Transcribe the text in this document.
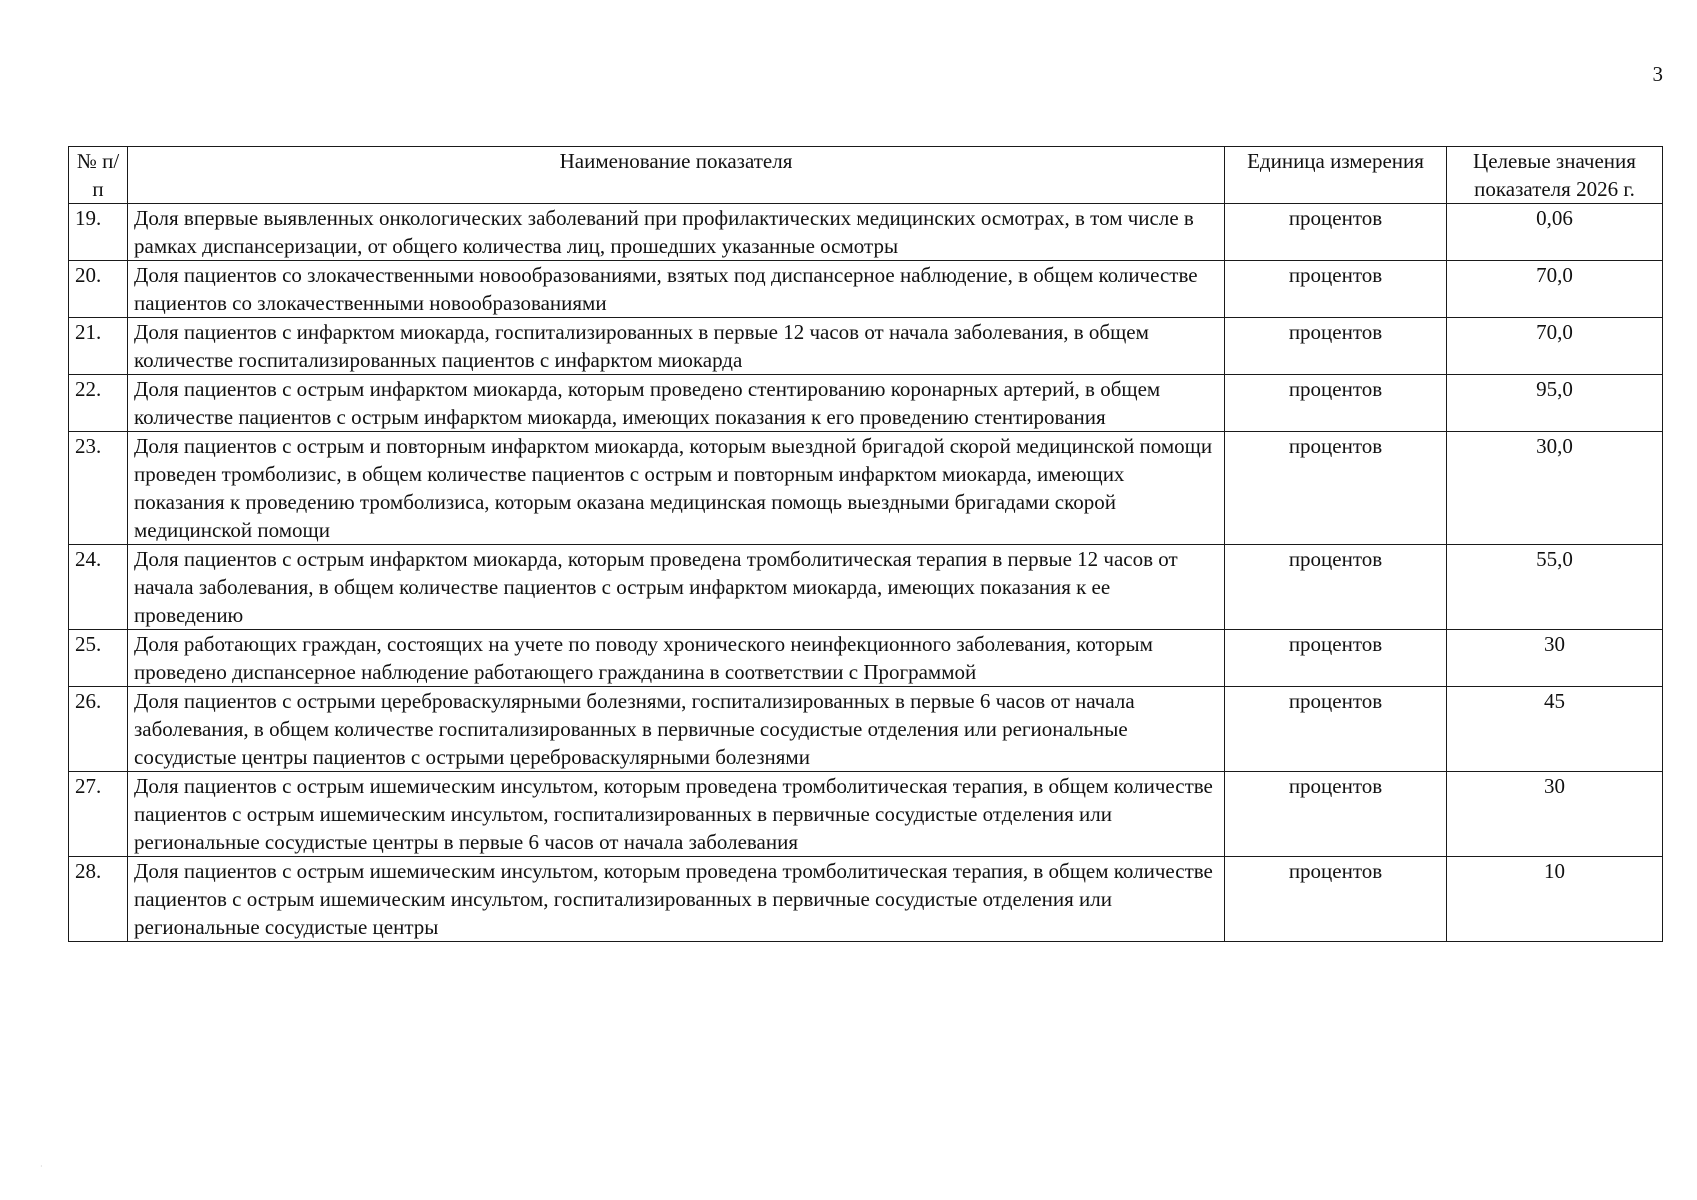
3
№ п/п	Наименование показателя	Единица измерения	Целевые значения показателя 2026 г.
19.	Доля впервые выявленных онкологических заболеваний при профилактических медицинских осмотрах, в том числе в рамках диспансеризации, от общего количества лиц, прошедших указанные осмотры	процентов	0,06
20.	Доля пациентов со злокачественными новообразованиями, взятых под диспансерное наблюдение, в общем количестве пациентов со злокачественными новообразованиями	процентов	70,0
21.	Доля пациентов с инфарктом миокарда, госпитализированных в первые 12 часов от начала заболевания, в общем количестве госпитализированных пациентов с инфарктом миокарда	процентов	70,0
22.	Доля пациентов с острым инфарктом миокарда, которым проведено стентированию коронарных артерий, в общем количестве пациентов с острым инфарктом миокарда, имеющих показания к его проведению стентирования	процентов	95,0
23.	Доля пациентов с острым и повторным инфарктом миокарда, которым выездной бригадой скорой медицинской помощи проведен тромболизис, в общем количестве пациентов с острым и повторным инфарктом миокарда, имеющих показания к проведению тромболизиса, которым оказана медицинская помощь выездными бригадами скорой медицинской помощи	процентов	30,0
24.	Доля пациентов с острым инфарктом миокарда, которым проведена тромболитическая терапия в первые 12 часов от начала заболевания, в общем количестве пациентов с острым инфарктом миокарда, имеющих показания к ее проведению	процентов	55,0
25.	Доля работающих граждан, состоящих на учете по поводу хронического неинфекционного заболевания, которым проведено диспансерное наблюдение работающего гражданина в соответствии с Программой	процентов	30
26.	Доля пациентов с острыми цереброваскулярными болезнями, госпитализированных в первые 6 часов от начала заболевания, в общем количестве госпитализированных в первичные сосудистые отделения или региональные сосудистые центры пациентов с острыми цереброваскулярными болезнями	процентов	45
27.	Доля пациентов с острым ишемическим инсультом, которым проведена тромболитическая терапия, в общем количестве пациентов с острым ишемическим инсультом, госпитализированных в первичные сосудистые отделения или региональные сосудистые центры в первые 6 часов от начала заболевания	процентов	30
28.	Доля пациентов с острым ишемическим инсультом, которым проведена тромболитическая терапия, в общем количестве пациентов с острым ишемическим инсультом, госпитализированных в первичные сосудистые отделения или региональные сосудистые центры	процентов	10
·
